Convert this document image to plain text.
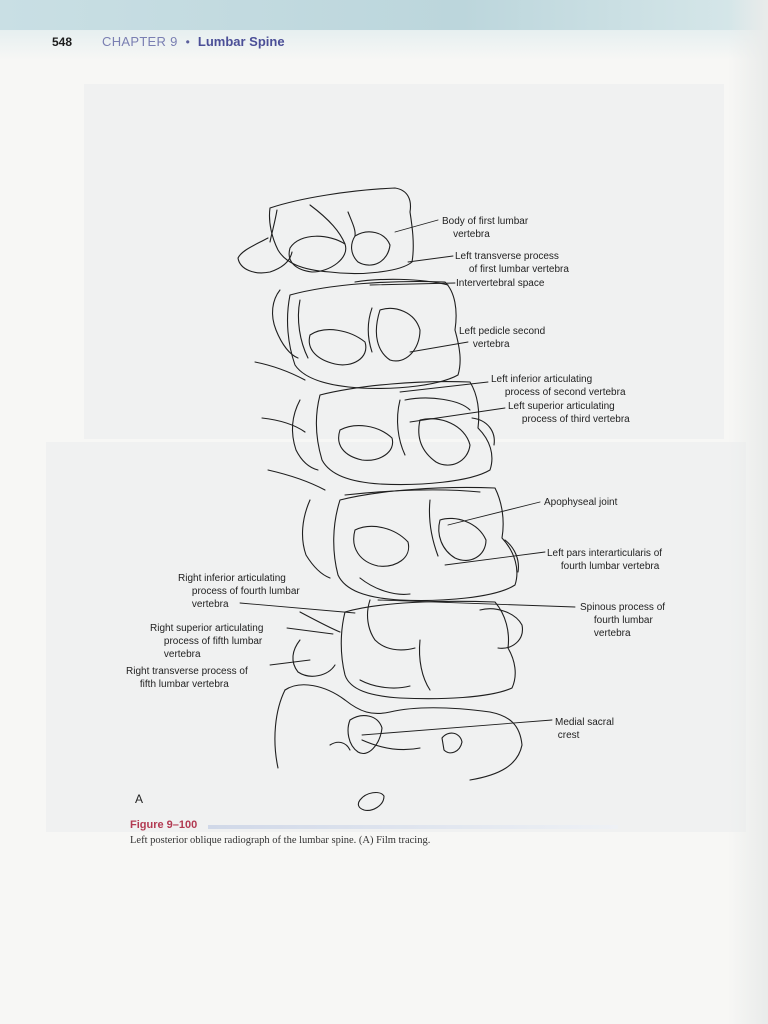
548	CHAPTER 9 • Lumbar Spine
Body of first lumbar
vertebra
Left transverse process
of first lumbar vertebra
Intervertebral space
Left pedicle second
vertebra
Left inferior articulating
process of second vertebra
Left superior articulating
process of third vertebra
Apophyseal joint
Left pars interarticularis of
fourth lumbar vertebra
Spinous process of
fourth lumbar
vertebra
Medial sacral
crest
Right inferior articulating
process of fourth lumbar
vertebra
Right superior articulating
process of fifth lumbar
vertebra
Right transverse process of
fifth lumbar vertebra
A
Figure 9–100
Left posterior oblique radiograph of the lumbar spine. (A) Film tracing.
